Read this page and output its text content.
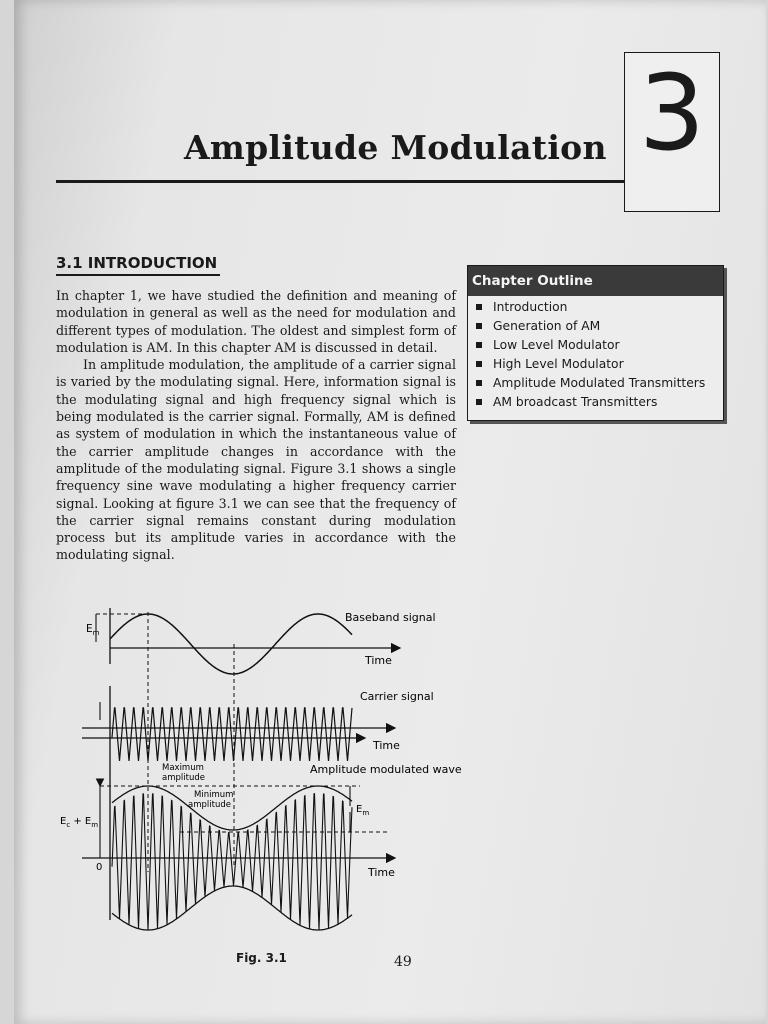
Amplitude Modulation 3
3.1 INTRODUCTION

In chapter 1, we have studied the definition and meaning of modulation in general as well as the need for modulation and different types of modulation. The oldest and simplest form of modulation is AM. In this chapter AM is discussed in detail.

In amplitude modulation, the amplitude of a carrier signal is varied by the modulating signal. Here, information signal is the modulating signal and high frequency signal which is being modulated is the carrier signal. Formally, AM is defined as system of modulation in which the instantaneous value of the carrier amplitude changes in accordance with the amplitude of the modulating signal. Figure 3.1 shows a single frequency sine wave modulating a higher frequency carrier signal. Looking at figure 3.1 we can see that the frequency of the carrier signal remains constant during modulation process but its amplitude varies in accordance with the modulating signal.

Chapter Outline
Introduction
Generation of AM
Low Level Modulator
High Level Modulator
Amplitude Modulated Transmitters
AM broadcast Transmitters
$E_m$
Baseband signal
Time
Carrier signal
Time
Amplitude modulated wave
Maximum
amplitude
Minimum
amplitude
$E_c + E_m$
$E_m$
0	Time
Fig. 3.1	49
